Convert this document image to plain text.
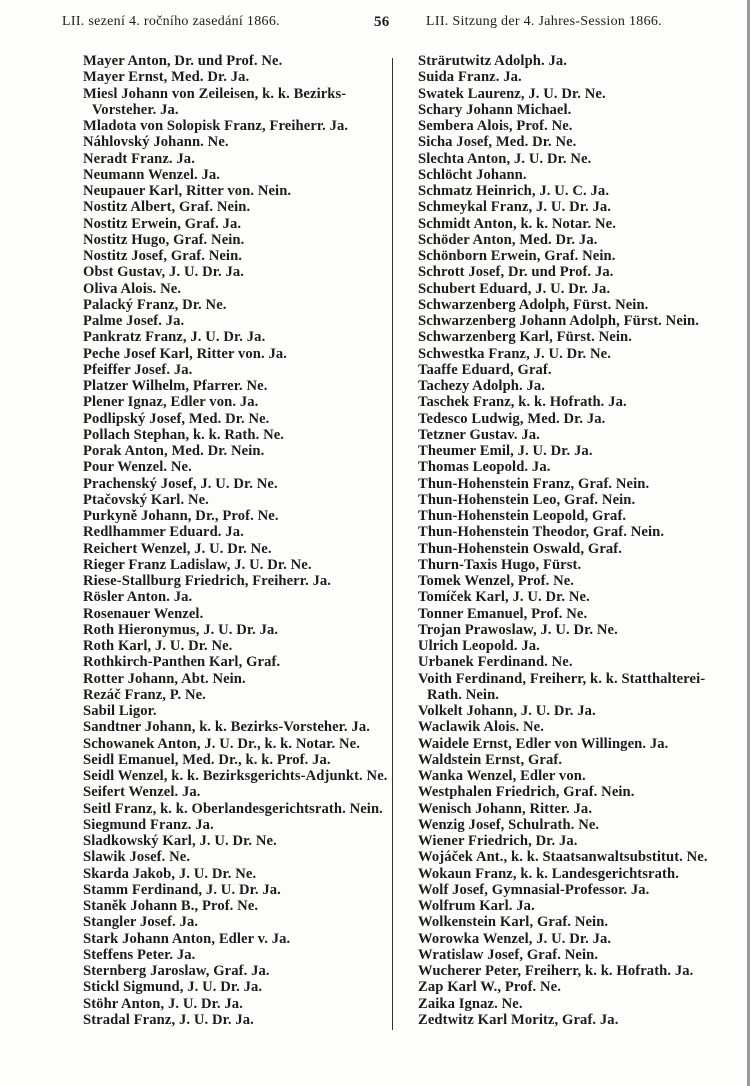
LII. sezení 4. ročního zasedání 1866.	56	LII. Sitzung der 4. Jahres-Session 1866.
Mayer Anton, Dr. und Prof. Ne.
Mayer Ernst, Med. Dr. Ja.
Miesl Johann von Zeileisen, k. k. Bezirks-
Vorsteher. Ja.
Mladota von Solopisk Franz, Freiherr. Ja.
Náhlovský Johann. Ne.
Neradt Franz. Ja.
Neumann Wenzel. Ja.
Neupauer Karl, Ritter von. Nein.
Nostitz Albert, Graf. Nein.
Nostitz Erwein, Graf. Ja.
Nostitz Hugo, Graf. Nein.
Nostitz Josef, Graf. Nein.
Obst Gustav, J. U. Dr. Ja.
Oliva Alois. Ne.
Palacký Franz, Dr. Ne.
Palme Josef. Ja.
Pankratz Franz, J. U. Dr. Ja.
Peche Josef Karl, Ritter von. Ja.
Pfeiffer Josef. Ja.
Platzer Wilhelm, Pfarrer. Ne.
Plener Ignaz, Edler von. Ja.
Podlipský Josef, Med. Dr. Ne.
Pollach Stephan, k. k. Rath. Ne.
Porak Anton, Med. Dr. Nein.
Pour Wenzel. Ne.
Prachenský Josef, J. U. Dr. Ne.
Ptačovský Karl. Ne.
Purkyně Johann, Dr., Prof. Ne.
Redlhammer Eduard. Ja.
Reichert Wenzel, J. U. Dr. Ne.
Rieger Franz Ladislaw, J. U. Dr. Ne.
Riese-Stallburg Friedrich, Freiherr. Ja.
Rösler Anton. Ja.
Rosenauer Wenzel.
Roth Hieronymus, J. U. Dr. Ja.
Roth Karl, J. U. Dr. Ne.
Rothkirch-Panthen Karl, Graf.
Rotter Johann, Abt. Nein.
Rezáč Franz, P. Ne.
Sabil Ligor.
Sandtner Johann, k. k. Bezirks-Vorsteher. Ja.
Schowanek Anton, J. U. Dr., k. k. Notar. Ne.
Seidl Emanuel, Med. Dr., k. k. Prof. Ja.
Seidl Wenzel, k. k. Bezirksgerichts-Adjunkt. Ne.
Seifert Wenzel. Ja.
Seitl Franz, k. k. Oberlandesgerichtsrath. Nein.
Siegmund Franz. Ja.
Sladkowský Karl, J. U. Dr. Ne.
Slawik Josef. Ne.
Skarda Jakob, J. U. Dr. Ne.
Stamm Ferdinand, J. U. Dr. Ja.
Staněk Johann B., Prof. Ne.
Stangler Josef. Ja.
Stark Johann Anton, Edler v. Ja.
Steffens Peter. Ja.
Sternberg Jaroslaw, Graf. Ja.
Stickl Sigmund, J. U. Dr. Ja.
Stöhr Anton, J. U. Dr. Ja.
Stradal Franz, J. U. Dr. Ja.
Strärutwitz Adolph. Ja.
Suida Franz. Ja.
Swatek Laurenz, J. U. Dr. Ne.
Schary Johann Michael.
Sembera Alois, Prof. Ne.
Sicha Josef, Med. Dr. Ne.
Slechta Anton, J. U. Dr. Ne.
Schlöcht Johann.
Schmatz Heinrich, J. U. C. Ja.
Schmeykal Franz, J. U. Dr. Ja.
Schmidt Anton, k. k. Notar. Ne.
Schöder Anton, Med. Dr. Ja.
Schönborn Erwein, Graf. Nein.
Schrott Josef, Dr. und Prof. Ja.
Schubert Eduard, J. U. Dr. Ja.
Schwarzenberg Adolph, Fürst. Nein.
Schwarzenberg Johann Adolph, Fürst. Nein.
Schwarzenberg Karl, Fürst. Nein.
Schwestka Franz, J. U. Dr. Ne.
Taaffe Eduard, Graf.
Tachezy Adolph. Ja.
Taschek Franz, k. k. Hofrath. Ja.
Tedesco Ludwig, Med. Dr. Ja.
Tetzner Gustav. Ja.
Theumer Emil, J. U. Dr. Ja.
Thomas Leopold. Ja.
Thun-Hohenstein Franz, Graf. Nein.
Thun-Hohenstein Leo, Graf. Nein.
Thun-Hohenstein Leopold, Graf.
Thun-Hohenstein Theodor, Graf. Nein.
Thun-Hohenstein Oswald, Graf.
Thurn-Taxis Hugo, Fürst.
Tomek Wenzel, Prof. Ne.
Tomíček Karl, J. U. Dr. Ne.
Tonner Emanuel, Prof. Ne.
Trojan Prawoslaw, J. U. Dr. Ne.
Ulrich Leopold. Ja.
Urbanek Ferdinand. Ne.
Voith Ferdinand, Freiherr, k. k. Statthalterei-
Rath. Nein.
Volkelt Johann, J. U. Dr. Ja.
Waclawik Alois. Ne.
Waidele Ernst, Edler von Willingen. Ja.
Waldstein Ernst, Graf.
Wanka Wenzel, Edler von.
Westphalen Friedrich, Graf. Nein.
Wenisch Johann, Ritter. Ja.
Wenzig Josef, Schulrath. Ne.
Wiener Friedrich, Dr. Ja.
Wojáček Ant., k. k. Staatsanwaltsubstitut. Ne.
Wokaun Franz, k. k. Landesgerichtsrath.
Wolf Josef, Gymnasial-Professor. Ja.
Wolfrum Karl. Ja.
Wolkenstein Karl, Graf. Nein.
Worowka Wenzel, J. U. Dr. Ja.
Wratislaw Josef, Graf. Nein.
Wucherer Peter, Freiherr, k. k. Hofrath. Ja.
Zap Karl W., Prof. Ne.
Zaika Ignaz. Ne.
Zedtwitz Karl Moritz, Graf. Ja.
